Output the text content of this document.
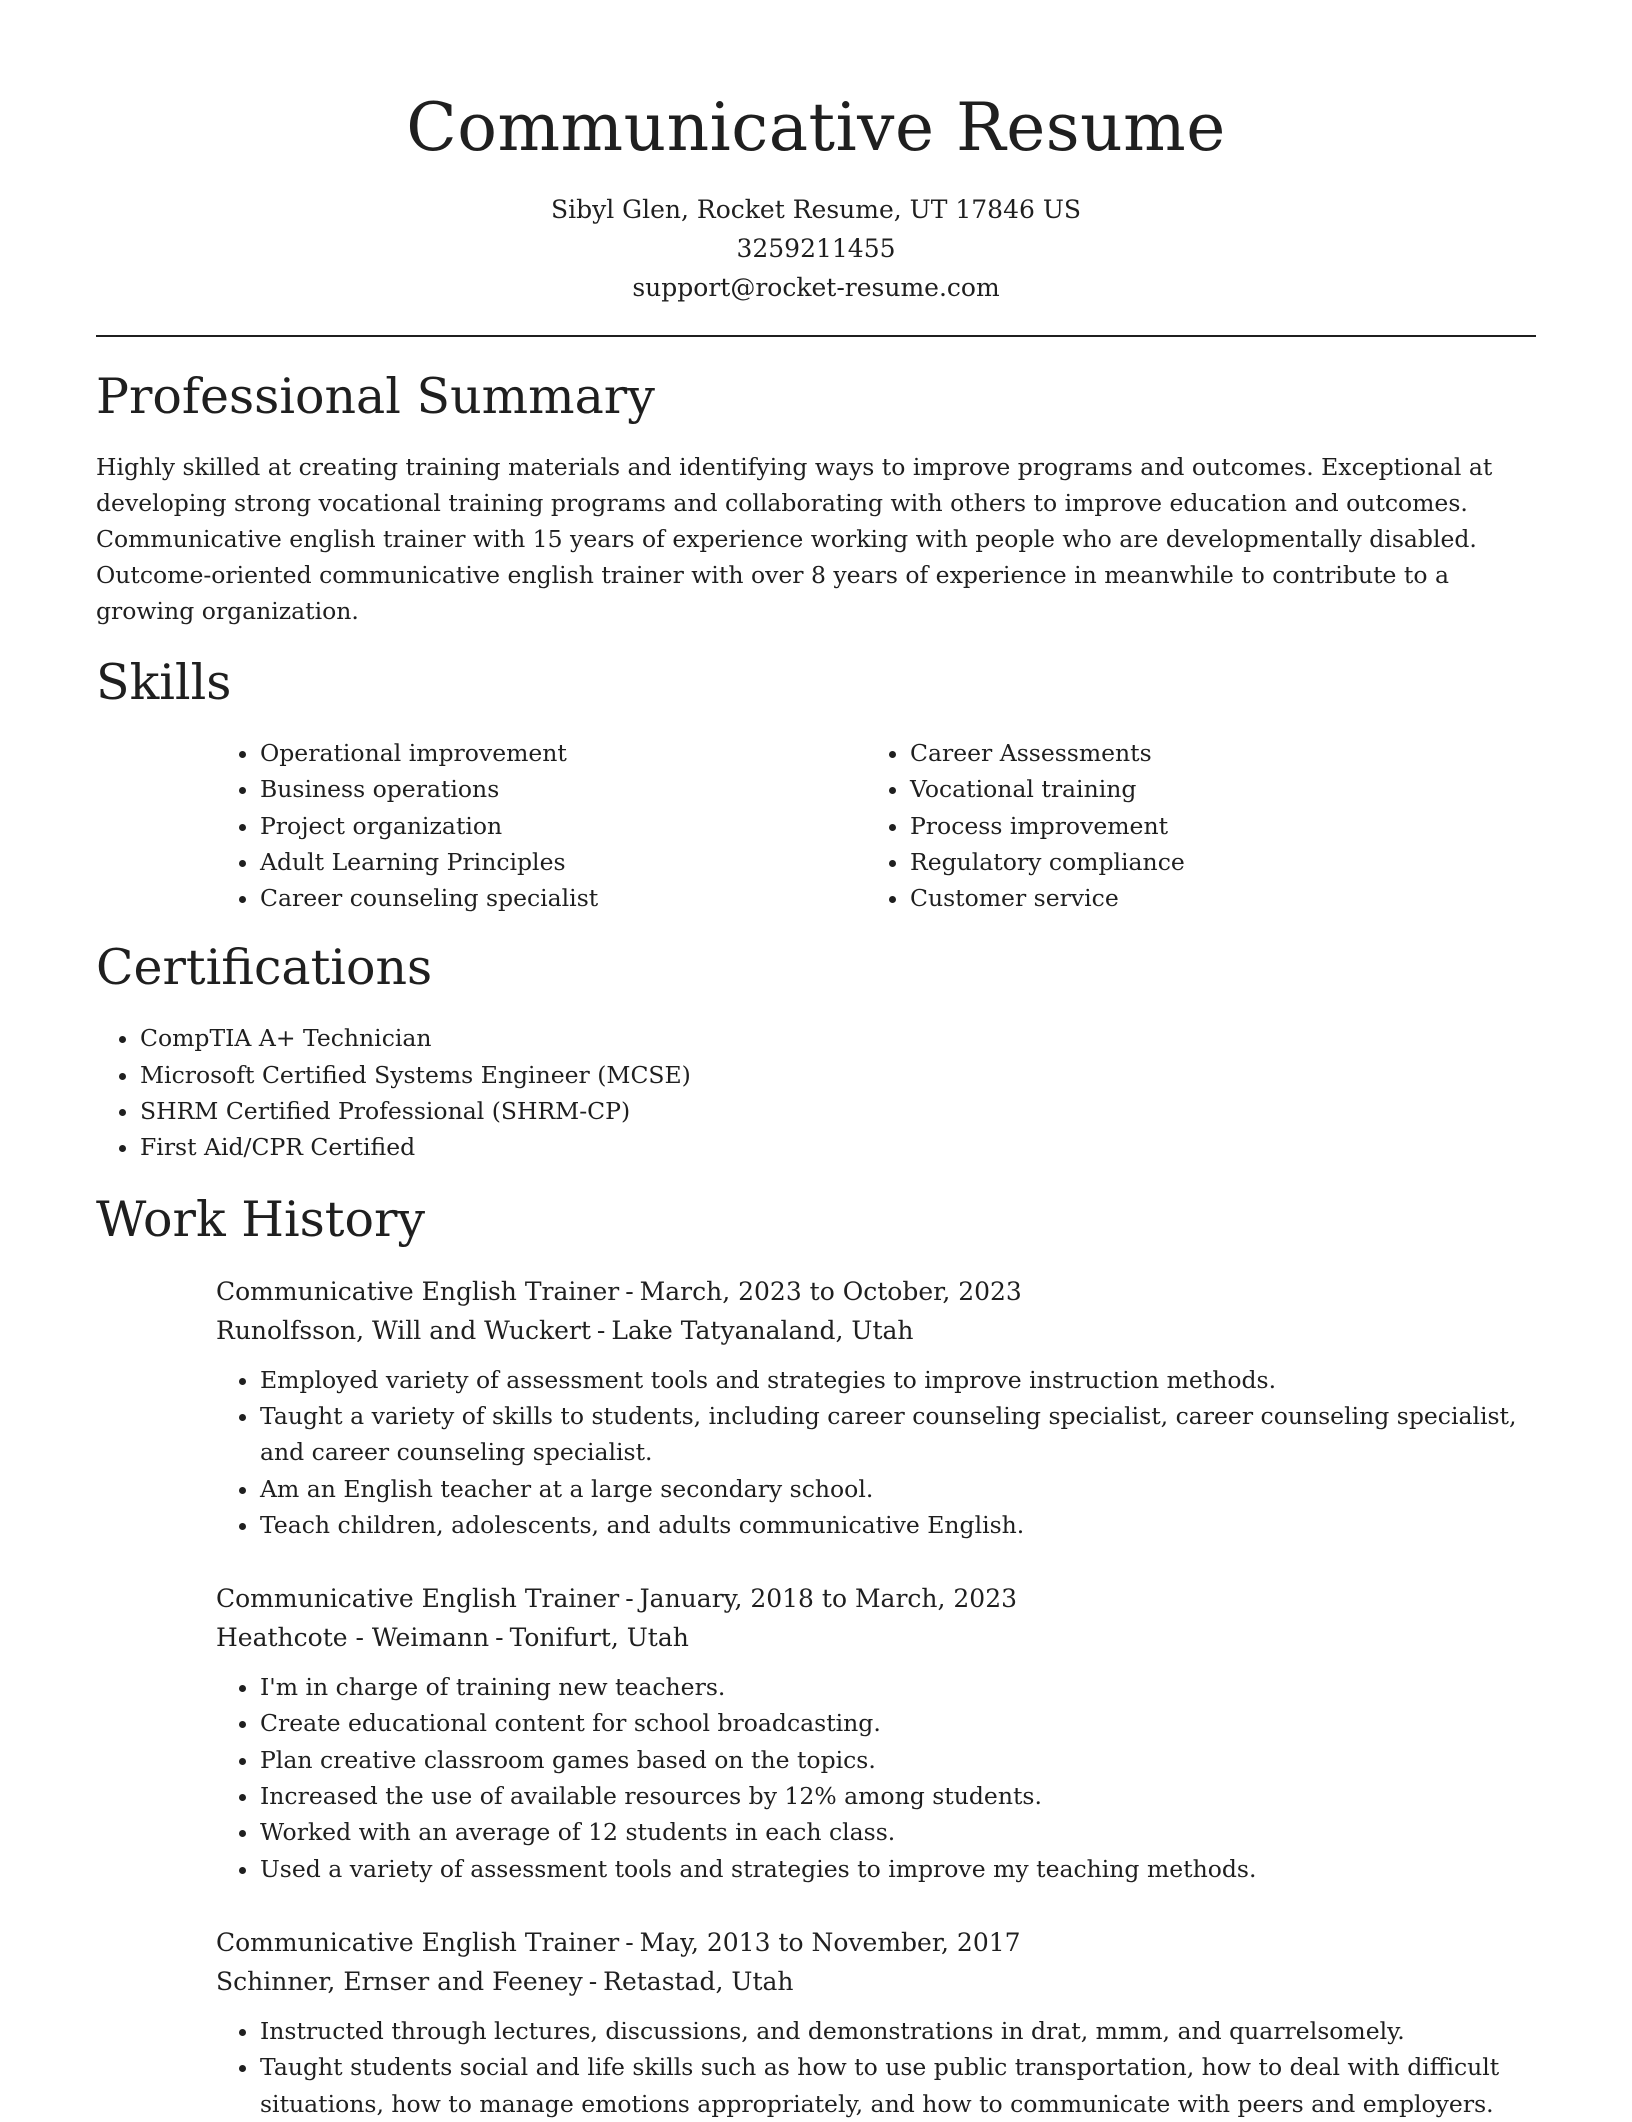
Communicative Resume
Sibyl Glen, Rocket Resume, UT 17846 US
3259211455
support@rocket-resume.com
Professional Summary

Highly skilled at creating training materials and identifying ways to improve programs and outcomes. Exceptional at developing strong vocational training programs and collaborating with others to improve education and outcomes. Communicative english trainer with 15 years of experience working with people who are developmentally disabled. Outcome-oriented communicative english trainer with over 8 years of experience in meanwhile to contribute to a growing organization.

Skills
• Operational improvement
• Business operations
• Project organization
• Adult Learning Principles
• Career counseling specialist
• Career Assessments
• Vocational training
• Process improvement
• Regulatory compliance
• Customer service
Certifications
• CompTIA A+ Technician
• Microsoft Certified Systems Engineer (MCSE)
• SHRM Certified Professional (SHRM-CP)
• First Aid/CPR Certified
Work History
Communicative English Trainer - March, 2023 to October, 2023
Runolfsson, Will and Wuckert - Lake Tatyanaland, Utah
• Employed variety of assessment tools and strategies to improve instruction methods.
• Taught a variety of skills to students, including career counseling specialist, career counseling specialist, and career counseling specialist.
• Am an English teacher at a large secondary school.
• Teach children, adolescents, and adults communicative English.
Communicative English Trainer - January, 2018 to March, 2023
Heathcote - Weimann - Tonifurt, Utah
• I'm in charge of training new teachers.
• Create educational content for school broadcasting.
• Plan creative classroom games based on the topics.
• Increased the use of available resources by 12% among students.
• Worked with an average of 12 students in each class.
• Used a variety of assessment tools and strategies to improve my teaching methods.
Communicative English Trainer - May, 2013 to November, 2017
Schinner, Ernser and Feeney - Retastad, Utah
• Instructed through lectures, discussions, and demonstrations in drat, mmm, and quarrelsomely.
• Taught students social and life skills such as how to use public transportation, how to deal with difficult situations, how to manage emotions appropriately, and how to communicate with peers and employers.
